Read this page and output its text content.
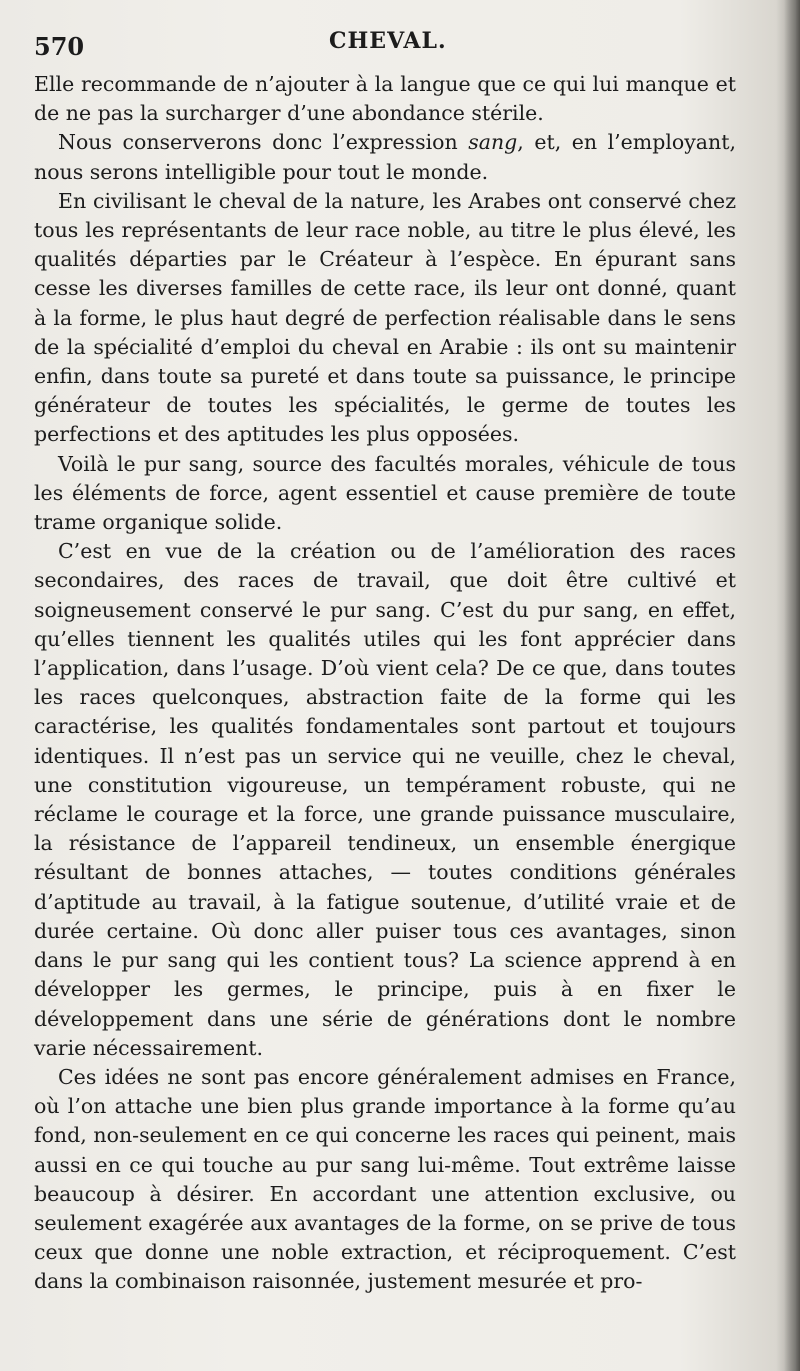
570	CHEVAL.

Elle recommande de n’ajouter à la langue que ce qui lui manque et de ne pas la surcharger d’une abondance stérile.

Nous conserverons donc l’expression sang, et, en l’employant, nous serons intelligible pour tout le monde.

En civilisant le cheval de la nature, les Arabes ont conservé chez tous les représentants de leur race noble, au titre le plus élevé, les qualités départies par le Créateur à l’espèce. En épurant sans cesse les diverses familles de cette race, ils leur ont donné, quant à la forme, le plus haut degré de perfection réalisable dans le sens de la spécialité d’emploi du cheval en Arabie : ils ont su maintenir enfin, dans toute sa pureté et dans toute sa puissance, le principe générateur de toutes les spécialités, le germe de toutes les perfections et des aptitudes les plus opposées.

Voilà le pur sang, source des facultés morales, véhicule de tous les éléments de force, agent essentiel et cause première de toute trame organique solide.

C’est en vue de la création ou de l’amélioration des races secondaires, des races de travail, que doit être cultivé et soigneusement conservé le pur sang. C’est du pur sang, en effet, qu’elles tiennent les qualités utiles qui les font apprécier dans l’application, dans l’usage. D’où vient cela? De ce que, dans toutes les races quelconques, abstraction faite de la forme qui les caractérise, les qualités fondamentales sont partout et toujours identiques. Il n’est pas un service qui ne veuille, chez le cheval, une constitution vigoureuse, un tempérament robuste, qui ne réclame le courage et la force, une grande puissance musculaire, la résistance de l’appareil tendineux, un ensemble énergique résultant de bonnes attaches, — toutes conditions générales d’aptitude au travail, à la fatigue soutenue, d’utilité vraie et de durée certaine. Où donc aller puiser tous ces avantages, sinon dans le pur sang qui les contient tous? La science apprend à en développer les germes, le principe, puis à en fixer le développement dans une série de générations dont le nombre varie nécessairement.

Ces idées ne sont pas encore généralement admises en France, où l’on attache une bien plus grande importance à la forme qu’au fond, non-seulement en ce qui concerne les races qui peinent, mais aussi en ce qui touche au pur sang lui-même. Tout extrême laisse beaucoup à désirer. En accordant une attention exclusive, ou seulement exagérée aux avantages de la forme, on se prive de tous ceux que donne une noble extraction, et réciproquement. C’est dans la combinaison raisonnée, justement mesurée et pro-
